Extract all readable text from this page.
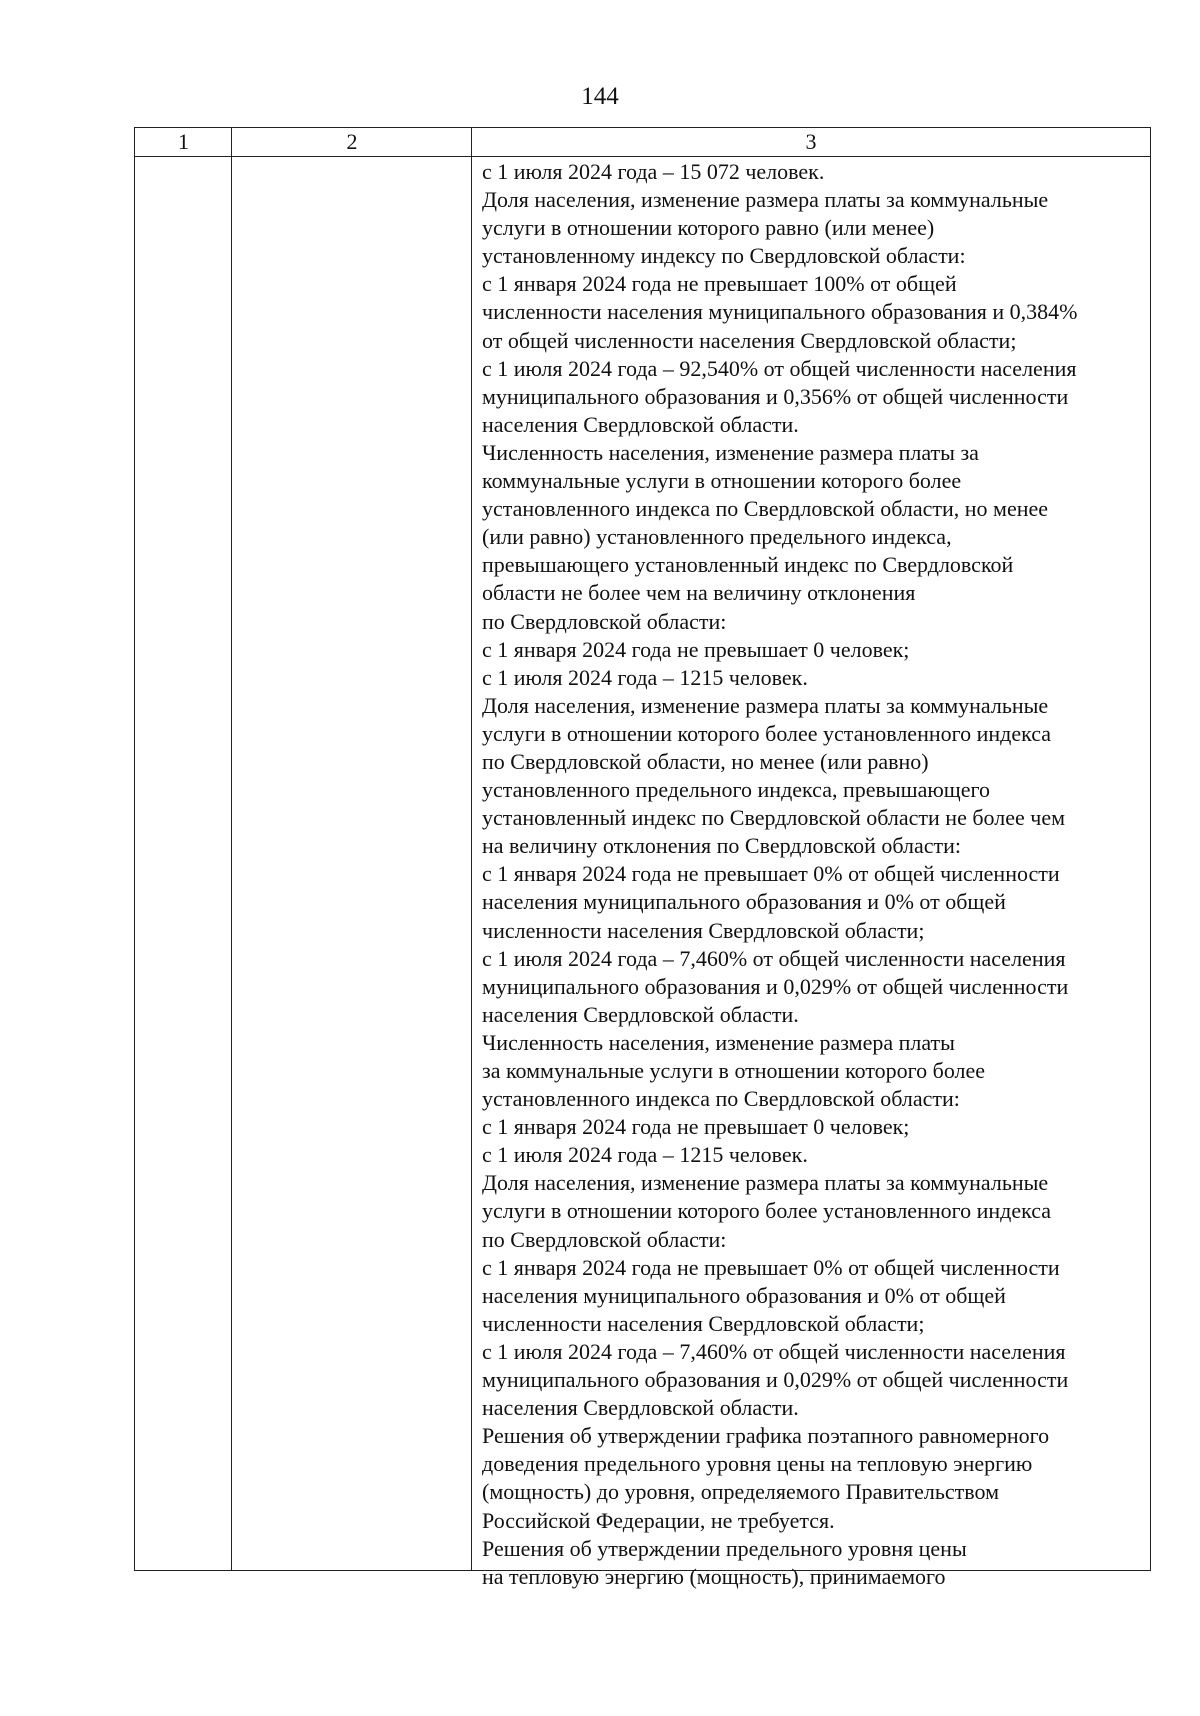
144
1	2	3
с 1 июля 2024 года – 15 072 человек.
Доля населения, изменение размера платы за коммунальные
услуги в отношении которого равно (или менее)
установленному индексу по Свердловской области:
с 1 января 2024 года не превышает 100% от общей
численности населения муниципального образования и 0,384%
от общей численности населения Свердловской области;
с 1 июля 2024 года – 92,540% от общей численности населения
муниципального образования и 0,356% от общей численности
населения Свердловской области.
Численность населения, изменение размера платы за
коммунальные услуги в отношении которого более
установленного индекса по Свердловской области, но менее
(или равно) установленного предельного индекса,
превышающего установленный индекс по Свердловской
области не более чем на величину отклонения
по Свердловской области:
с 1 января 2024 года не превышает 0 человек;
с 1 июля 2024 года – 1215 человек.
Доля населения, изменение размера платы за коммунальные
услуги в отношении которого более установленного индекса
по Свердловской области, но менее (или равно)
установленного предельного индекса, превышающего
установленный индекс по Свердловской области не более чем
на величину отклонения по Свердловской области:
с 1 января 2024 года не превышает 0% от общей численности
населения муниципального образования и 0% от общей
численности населения Свердловской области;
с 1 июля 2024 года – 7,460% от общей численности населения
муниципального образования и 0,029% от общей численности
населения Свердловской области.
Численность населения, изменение размера платы
за коммунальные услуги в отношении которого более
установленного индекса по Свердловской области:
с 1 января 2024 года не превышает 0 человек;
с 1 июля 2024 года – 1215 человек.
Доля населения, изменение размера платы за коммунальные
услуги в отношении которого более установленного индекса
по Свердловской области:
с 1 января 2024 года не превышает 0% от общей численности
населения муниципального образования и 0% от общей
численности населения Свердловской области;
с 1 июля 2024 года – 7,460% от общей численности населения
муниципального образования и 0,029% от общей численности
населения Свердловской области.
Решения об утверждении графика поэтапного равномерного
доведения предельного уровня цены на тепловую энергию
(мощность) до уровня, определяемого Правительством
Российской Федерации, не требуется.
Решения об утверждении предельного уровня цены
на тепловую энергию (мощность), принимаемого
